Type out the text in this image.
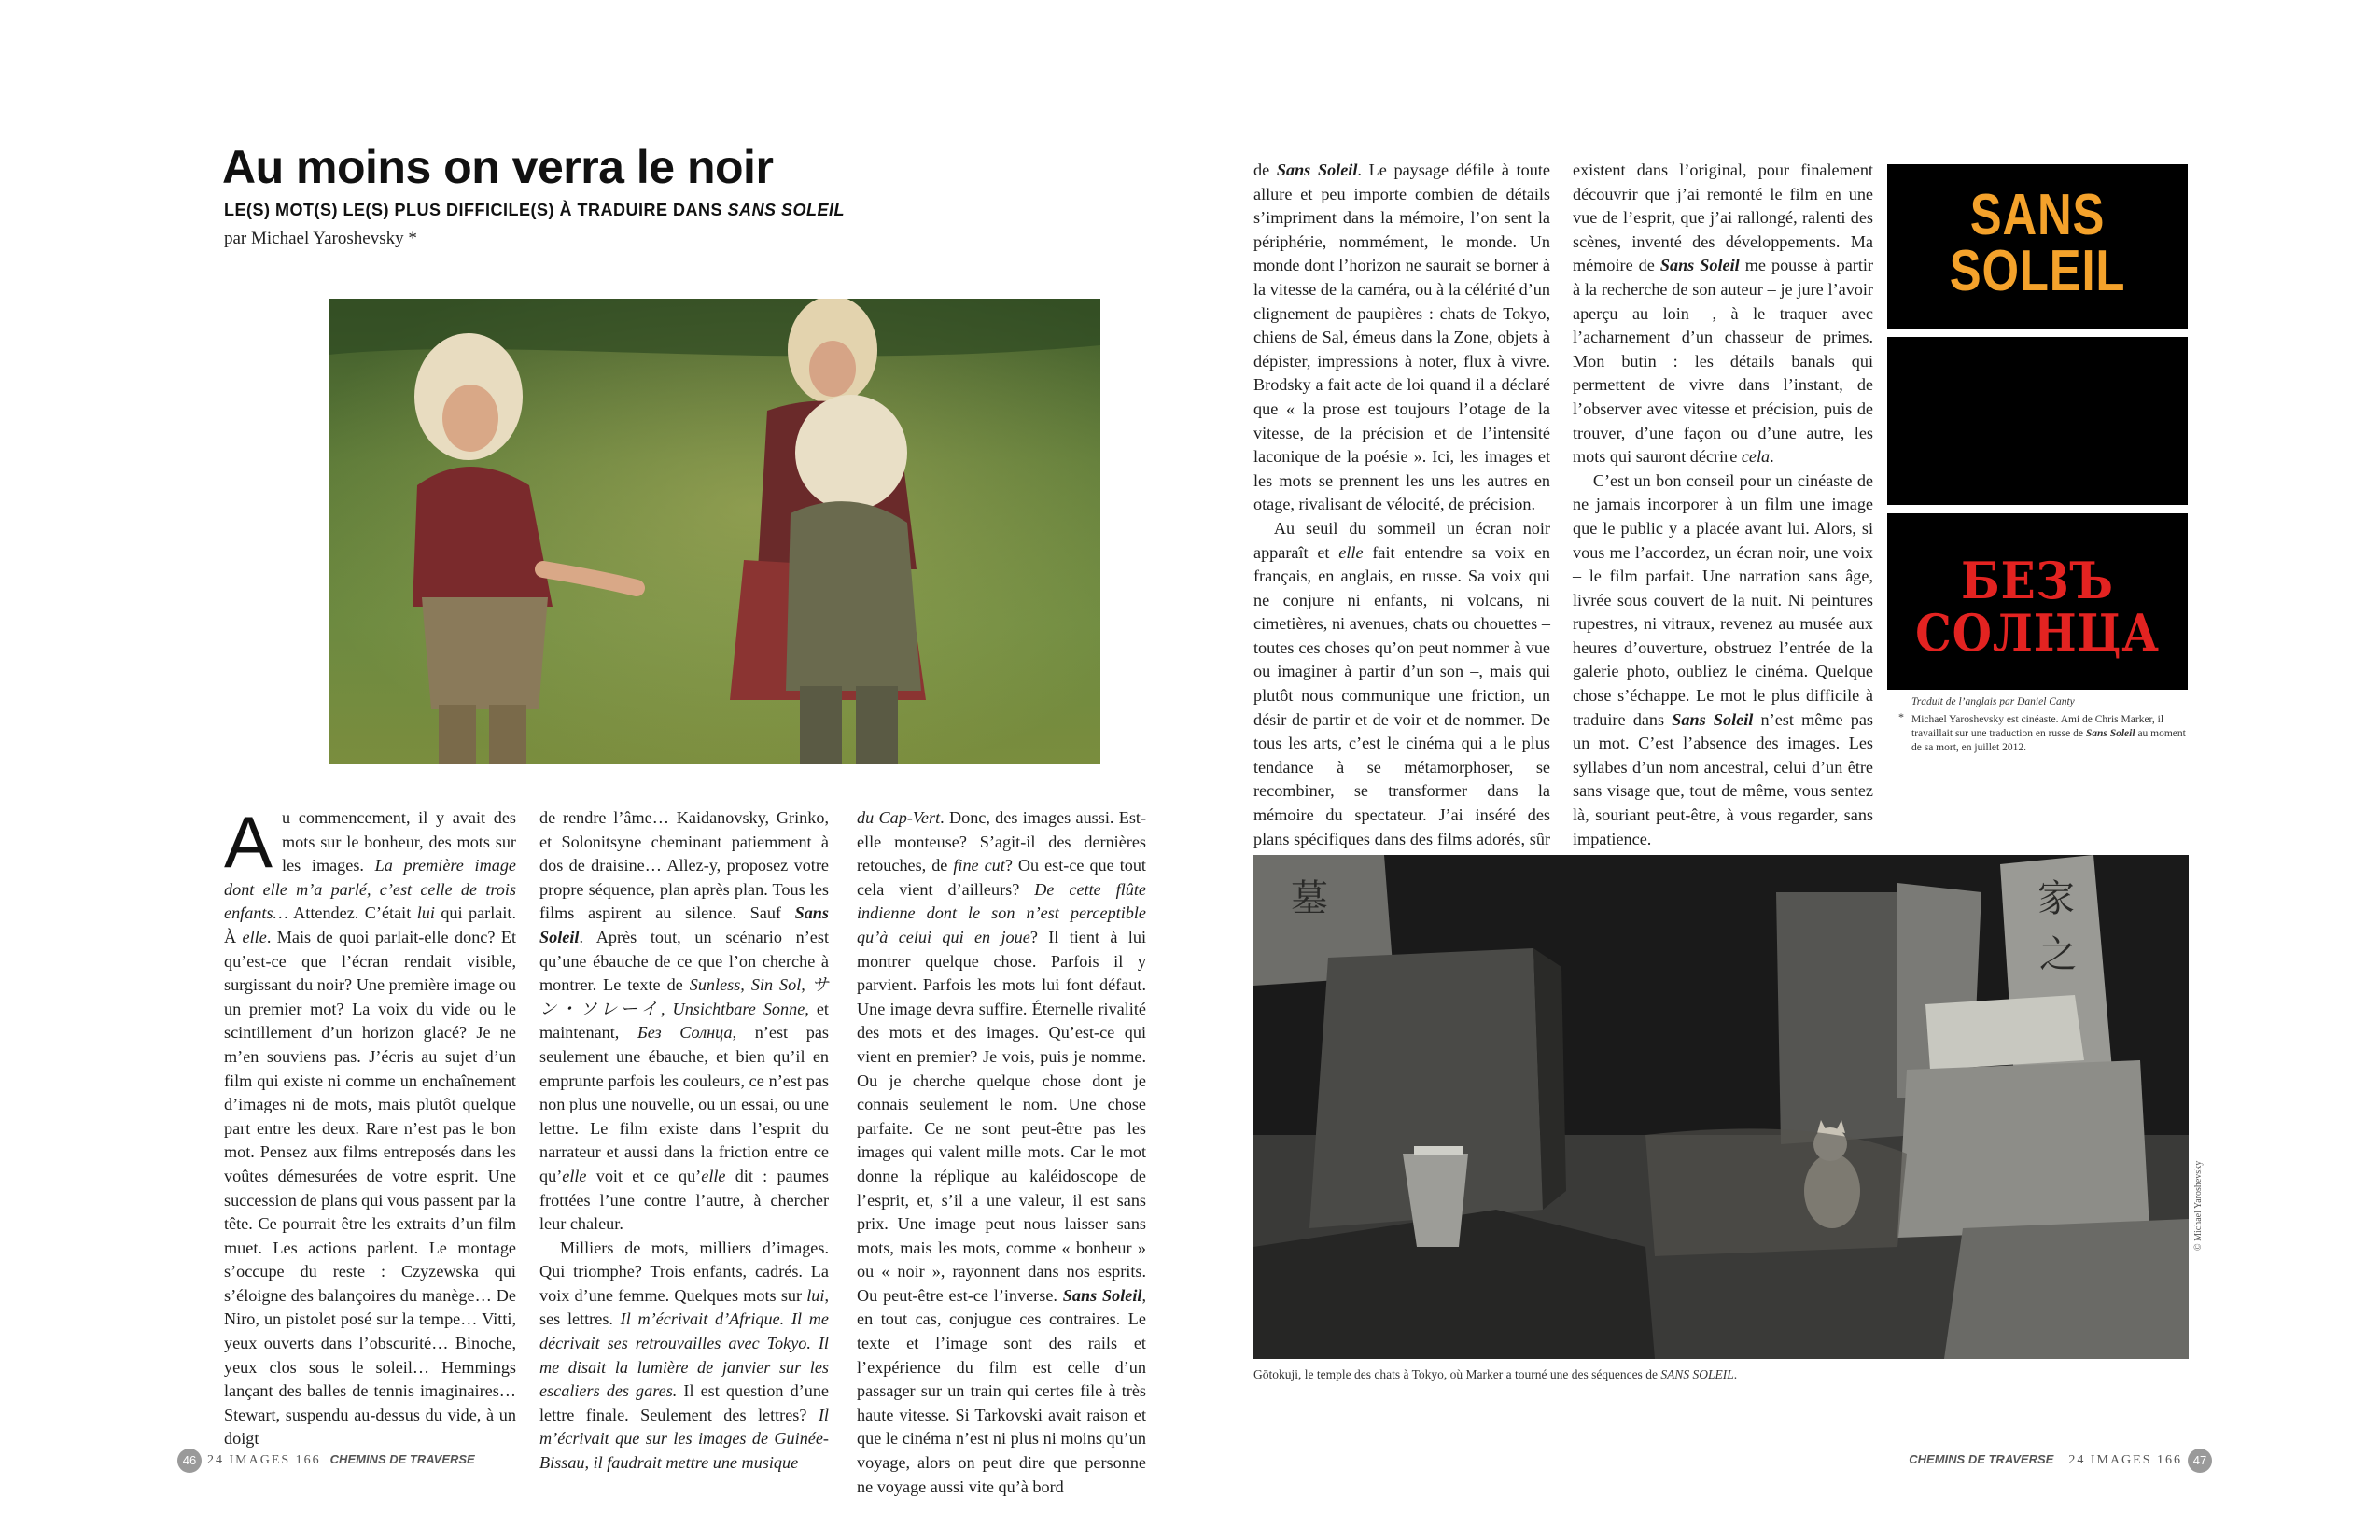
Au moins on verra le noir
LE(S) MOT(S) LE(S) PLUS DIFFICILE(S) À TRADUIRE DANS SANS SOLEIL
par Michael Yaroshevsky *

Au commencement, il y avait des mots sur le bonheur, des mots sur les images. La première image dont elle m’a parlé, c’est celle de trois enfants… Attendez. C’était lui qui parlait. À elle. Mais de quoi parlait-elle donc? Et qu’est-ce que l’écran rendait visible, surgissant du noir? Une première image ou un premier mot? La voix du vide ou le scintillement d’un horizon glacé? Je ne m’en souviens pas. J’écris au sujet d’un film qui existe ni comme un enchaînement d’images ni de mots, mais plutôt quelque part entre les deux. Rare n’est pas le bon mot. Pensez aux films entreposés dans les voûtes démesurées de votre esprit. Une succession de plans qui vous passent par la tête. Ce pourrait être les extraits d’un film muet. Les actions parlent. Le montage s’occupe du reste : Czyzewska qui s’éloigne des balançoires du manège… De Niro, un pistolet posé sur la tempe… Vitti, yeux ouverts dans l’obscurité… Binoche, yeux clos sous le soleil… Hemmings lançant des balles de tennis imaginaires… Stewart, suspendu au-dessus du vide, à un doigt

de rendre l’âme… Kaidanovsky, Grinko, et Solonitsyne cheminant patiemment à dos de draisine… Allez-y, proposez votre propre séquence, plan après plan. Tous les films aspirent au silence. Sauf Sans Soleil. Après tout, un scénario n’est qu’une ébauche de ce que l’on cherche à montrer. Le texte de Sunless, Sin Sol, サン・ソレーイ, Unsichtbare Sonne, et maintenant, Без Солнца, n’est pas seulement une ébauche, et bien qu’il en emprunte parfois les couleurs, ce n’est pas non plus une nouvelle, ou un essai, ou une lettre. Le film existe dans l’esprit du narrateur et aussi dans la friction entre ce qu’elle voit et ce qu’elle dit : paumes frottées l’une contre l’autre, à chercher leur chaleur.

Milliers de mots, milliers d’images. Qui triomphe? Trois enfants, cadrés. La voix d’une femme. Quelques mots sur lui, ses lettres. Il m’écrivait d’Afrique. Il me décrivait ses retrouvailles avec Tokyo. Il me disait la lumière de janvier sur les escaliers des gares. Il est question d’une lettre finale. Seulement des lettres? Il m’écrivait que sur les images de Guinée-Bissau, il faudrait mettre une musique

du Cap-Vert. Donc, des images aussi. Est-elle monteuse? S’agit-il des dernières retouches, de fine cut? Ou est-ce que tout cela vient d’ailleurs? De cette flûte indienne dont le son n’est perceptible qu’à celui qui en joue? Il tient à lui montrer quelque chose. Parfois il y parvient. Parfois les mots lui font défaut. Une image devra suffire. Éternelle rivalité des mots et des images. Qu’est-ce qui vient en premier? Je vois, puis je nomme. Ou je cherche quelque chose dont je connais seulement le nom. Une chose parfaite. Ce ne sont peut-être pas les images qui valent mille mots. Car le mot donne la réplique au kaléidoscope de l’esprit, et, s’il a une valeur, il est sans prix. Une image peut nous laisser sans mots, mais les mots, comme « bonheur » ou « noir », rayonnent dans nos esprits. Ou peut-être est-ce l’inverse. Sans Soleil, en tout cas, conjugue ces contraires. Le texte et l’image sont des rails et l’expérience du film est celle d’un passager sur un train qui certes file à très haute vitesse. Si Tarkovski avait raison et que le cinéma n’est ni plus ni moins qu’un voyage, alors on peut dire que personne ne voyage aussi vite qu’à bord

de Sans Soleil. Le paysage défile à toute allure et peu importe combien de détails s’impriment dans la mémoire, l’on sent la périphérie, nommément, le monde. Un monde dont l’horizon ne saurait se borner à la vitesse de la caméra, ou à la célérité d’un clignement de paupières : chats de Tokyo, chiens de Sal, émeus dans la Zone, objets à dépister, impressions à noter, flux à vivre. Brodsky a fait acte de loi quand il a déclaré que « la prose est toujours l’otage de la vitesse, de la précision et de l’intensité laconique de la poésie ». Ici, les images et les mots se prennent les uns les autres en otage, rivalisant de vélocité, de précision.

Au seuil du sommeil un écran noir apparaît et elle fait entendre sa voix en français, en anglais, en russe. Sa voix qui ne conjure ni enfants, ni volcans, ni cimetières, ni avenues, chats ou chouettes – toutes ces choses qu’on peut nommer à vue ou imaginer à partir d’un son –, mais qui plutôt nous communique une friction, un désir de partir et de voir et de nommer. De tous les arts, c’est le cinéma qui a le plus tendance à se métamorphoser, se recombiner, se transformer dans la mémoire du spectateur. J’ai inséré des plans spécifiques dans des films adorés, sûr

existent dans l’original, pour finalement découvrir que j’ai remonté le film en une vue de l’esprit, que j’ai rallongé, ralenti des scènes, inventé des développements. Ma mémoire de Sans Soleil me pousse à partir à la recherche de son auteur – je jure l’avoir aperçu au loin –, à le traquer avec l’acharnement d’un chasseur de primes. Mon butin : les détails banals qui permettent de vivre dans l’instant, de l’observer avec vitesse et précision, puis de trouver, d’une façon ou d’une autre, les mots qui sauront décrire cela.

C’est un bon conseil pour un cinéaste de ne jamais incorporer à un film une image que le public y a placée avant lui. Alors, si vous me l’accordez, un écran noir, une voix – le film parfait. Une narration sans âge, livrée sous couvert de la nuit. Ni peintures rupestres, ni vitraux, revenez au musée aux heures d’ouverture, obstruez l’entrée de la galerie photo, oubliez le cinéma. Quelque chose s’échappe. Le mot le plus difficile à traduire dans Sans Soleil n’est même pas un mot. C’est l’absence des images. Les syllabes d’un nom ancestral, celui d’un être sans visage que, tout de même, vous sentez là, souriant peut-être, à vous regarder, sans impatience.

SANS
SOLEIL
БЕЗЪ
СОЛНЦА
Traduit de l’anglais par Daniel Canty
* Michael Yaroshevsky est cinéaste. Ami de Chris Marker, il travaillait sur une traduction en russe de Sans Soleil au moment de sa mort, en juillet 2012.
墓	家
之
Gōtokuji, le temple des chats à Tokyo, où Marker a tourné une des séquences de SANS SOLEIL.
© Michael Yaroshevsky
46 24 IMAGES 166 CHEMINS DE TRAVERSE	CHEMINS DE TRAVERSE 24 IMAGES 166 47
